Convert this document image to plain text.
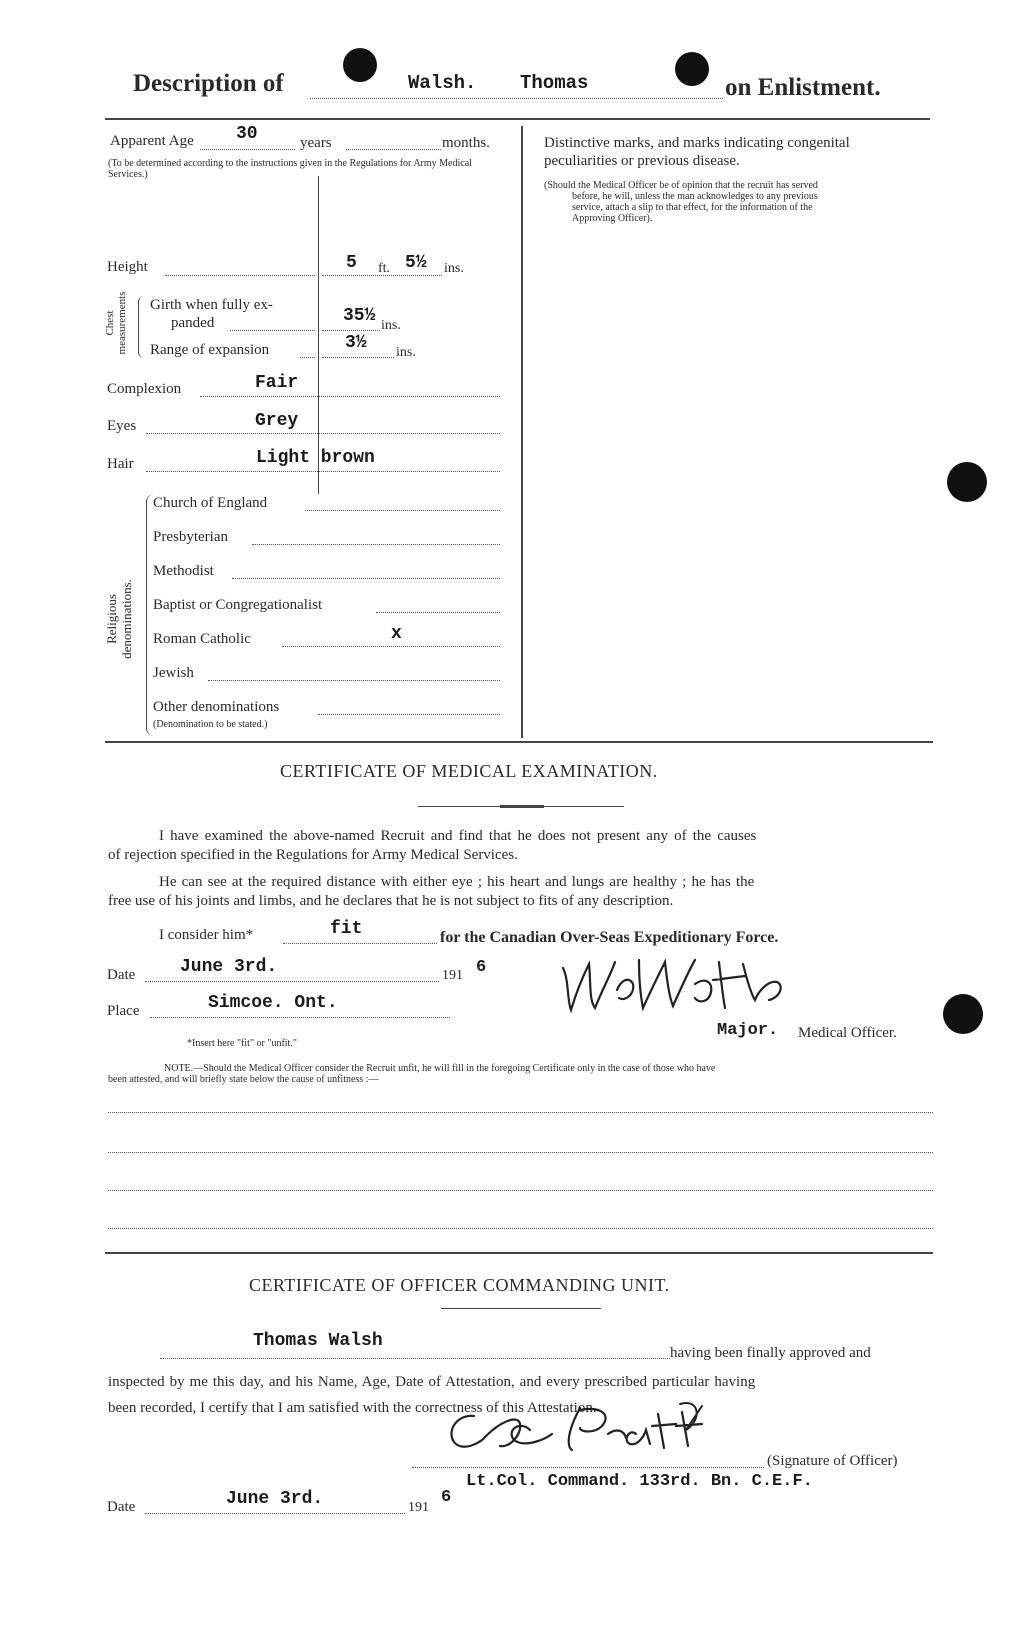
Description of	Walsh. Thomas	on Enlistment.
Apparent Age 30	years	months.
(To be determined according to the instructions given in the Regulations for Army Medical Services.)
Height	5 ft. 5½ ins.
Chest measurements Girth when fully ex-
panded	35½ ins.
Range of expansion	3½ ins.
Complexion	Fair
Eyes	Grey
Hair	Light brown
Religious denominations.
Church of England
Presbyterian
Methodist
Baptist or Congregationalist
Roman Catholic	x
Jewish
Other denominations
(Denomination to be stated.)
Distinctive marks, and marks indicating congenital
peculiarities or previous disease.
(Should the Medical Officer be of opinion that the recruit has served
before, he will, unless the man acknowledges to any previous
service, attach a slip to that effect, for the information of the
Approving Officer).
CERTIFICATE OF MEDICAL EXAMINATION.
I have examined the above-named Recruit and find that he does not present any of the causes
of rejection specified in the Regulations for Army Medical Services.
He can see at the required distance with either eye ; his heart and lungs are healthy ; he has the
free use of his joints and limbs, and he declares that he is not subject to fits of any description.
I consider him*	fit	for the Canadian Over-Seas Expeditionary Force.
Date June 3rd.	191 6
Place	Simcoe. Ont.
Major. Medical Officer.
*Insert here "fit" or "unfit."
NOTE.—Should the Medical Officer consider the Recruit unfit, he will fill in the foregoing Certificate only in the case of those who have
been attested, and will briefly state below the cause of unfitness :—
CERTIFICATE OF OFFICER COMMANDING UNIT.
Thomas Walsh
having been finally approved and
inspected by me this day, and his Name, Age, Date of Attestation, and every prescribed particular having
been recorded, I certify that I am satisfied with the correctness of this Attestation.
(Signature of Officer)
Lt.Col. Command. 133rd. Bn. C.E.F.
Date	June 3rd.	191
6
